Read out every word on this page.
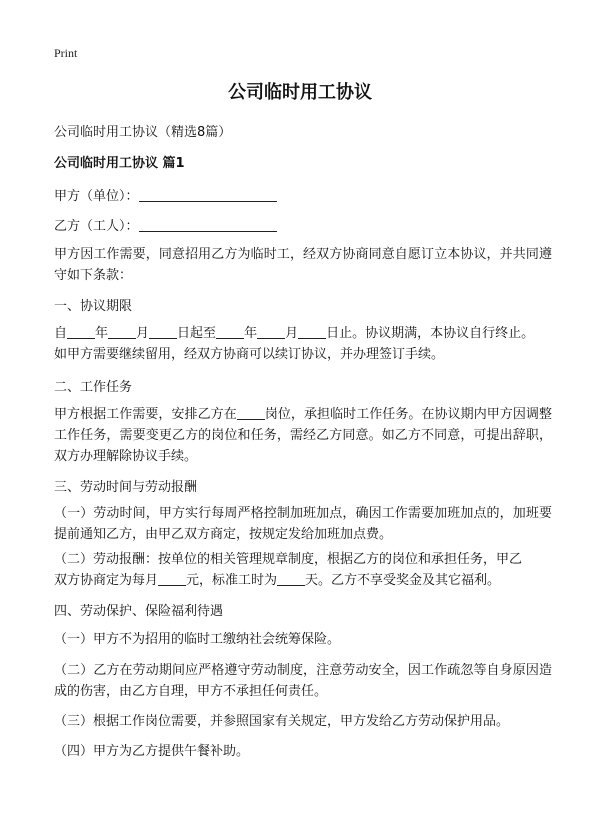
Print
公司临时用工协议
公司临时用工协议（精选8篇）
公司临时用工协议 篇1
甲方（单位）：
乙方（工人）：
甲方因工作需要，同意招用乙方为临时工，经双方协商同意自愿订立本协议，并共同遵守如下条款：
一、协议期限
自 年 月 日起至 年 月 日止。协议期满，本协议自行终止。
如甲方需要继续留用，经双方协商可以续订协议，并办理签订手续。
二、工作任务
甲方根据工作需要，安排乙方在 岗位，承担临时工作任务。在协议期内甲方因调整工作任务，需要变更乙方的岗位和任务，需经乙方同意。如乙方不同意，可提出辞职，双方办理解除协议手续。
三、劳动时间与劳动报酬
（一）劳动时间，甲方实行每周严格控制加班加点，确因工作需要加班加点的，加班要提前通知乙方，由甲乙双方商定，按规定发给加班加点费。
（二）劳动报酬：按单位的相关管理规章制度，根据乙方的岗位和承担任务，甲乙
双方协商定为每月 元，标准工时为 天。乙方不享受奖金及其它福利。
四、劳动保护、保险福利待遇
（一）甲方不为招用的临时工缴纳社会统筹保险。
（二）乙方在劳动期间应严格遵守劳动制度，注意劳动安全，因工作疏忽等自身原因造成的伤害，由乙方自理，甲方不承担任何责任。
（三）根据工作岗位需要，并参照国家有关规定，甲方发给乙方劳动保护用品。
（四）甲方为乙方提供午餐补助。
